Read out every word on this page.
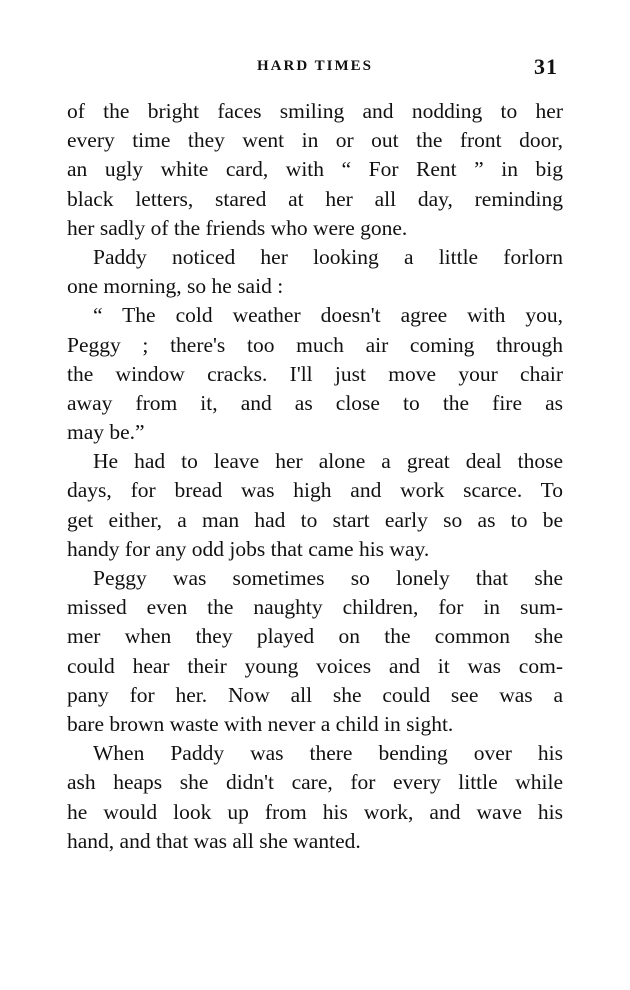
HARD TIMES	31
of the bright faces smiling and nodding to her
every time they went in or out the front door,
an ugly white card, with “ For Rent ” in big
black letters, stared at her all day, reminding
her sadly of the friends who were gone.
Paddy noticed her looking a little forlorn
one morning, so he said :
“ The cold weather doesn't agree with you,
Peggy ; there's too much air coming through
the window cracks. I'll just move your chair
away from it, and as close to the fire as
may be.”
He had to leave her alone a great deal those
days, for bread was high and work scarce. To
get either, a man had to start early so as to be
handy for any odd jobs that came his way.
Peggy was sometimes so lonely that she
missed even the naughty children, for in sum-
mer when they played on the common she
could hear their young voices and it was com-
pany for her. Now all she could see was a
bare brown waste with never a child in sight.
When Paddy was there bending over his
ash heaps she didn't care, for every little while
he would look up from his work, and wave his
hand, and that was all she wanted.
